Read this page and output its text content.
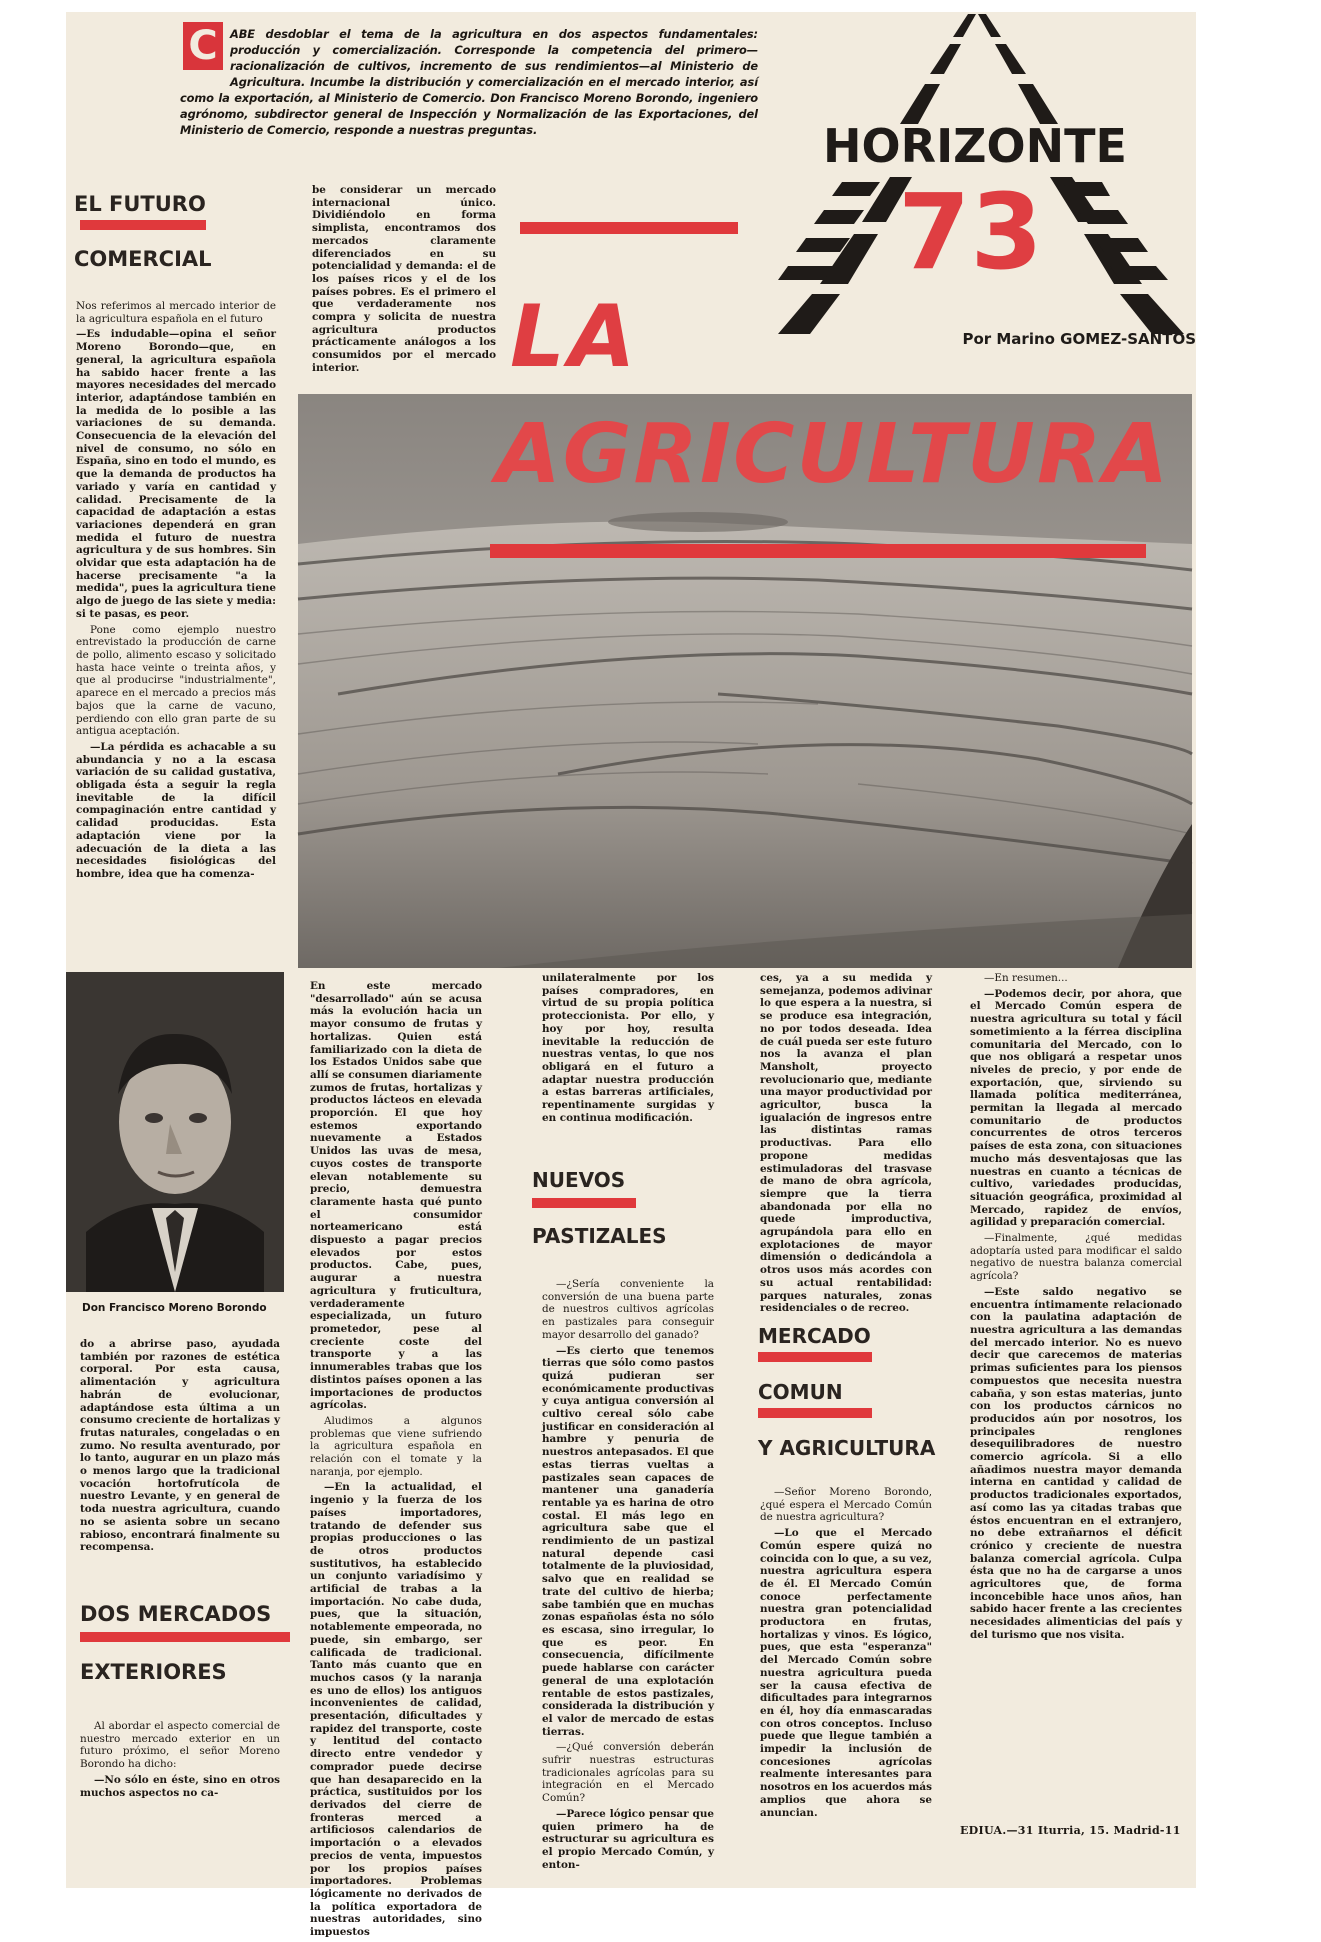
C	ABE desdoblar el tema de la agricultura en dos aspectos fundamentales: producción y comercialización. Corresponde la competencia del primero—racionalización de cultivos, incremento de sus rendimientos—al Ministerio de Agricultura. Incumbe la distribución y comercialización en el mercado interior, así como la exportación, al Ministerio de Comercio. Don Francisco Moreno Borondo, ingeniero agrónomo, subdirector general de Inspección y Normalización de las Exportaciones, del Ministerio de Comercio, responde a nuestras preguntas.	HORIZONTE
73
Por Marino GOMEZ-SANTOS
EL FUTURO
COMERCIAL

Nos referimos al mercado interior de la agricultura española en el futuro

—Es indudable—opina el señor Moreno Borondo—que, en general, la agricultura española ha sabido hacer frente a las mayores necesidades del mercado interior, adaptándose también en la medida de lo posible a las variaciones de su demanda. Consecuencia de la elevación del nivel de consumo, no sólo en España, sino en todo el mundo, es que la demanda de productos ha variado y varía en cantidad y calidad. Precisamente de la capacidad de adaptación a estas variaciones dependerá en gran medida el futuro de nuestra agricultura y de sus hombres. Sin olvidar que esta adaptación ha de hacerse precisamente "a la medida", pues la agricultura tiene algo de juego de las siete y media: si te pasas, es peor.

Pone como ejemplo nuestro entrevistado la producción de carne de pollo, alimento escaso y solicitado hasta hace veinte o treinta años, y que al producirse "industrialmente", aparece en el mercado a precios más bajos que la carne de vacuno, perdiendo con ello gran parte de su antigua aceptación.

—La pérdida es achacable a su abundancia y no a la escasa variación de su calidad gustativa, obligada ésta a seguir la regla inevitable de la difícil compaginación entre cantidad y calidad producidas. Esta adaptación viene por la adecuación de la dieta a las necesidades fisiológicas del hombre, idea que ha comenza-

be considerar un mercado internacional único. Dividiéndolo en forma simplista, encontramos dos mercados claramente diferenciados en su potencialidad y demanda: el de los países ricos y el de los países pobres. Es el primero el que verdaderamente nos compra y solicita de nuestra agricultura productos prácticamente análogos a los consumidos por el mercado interior.	LA
AGRICULTURA
Don Francisco Moreno Borondo

do a abrirse paso, ayudada también por razones de estética corporal. Por esta causa, alimentación y agricultura habrán de evolucionar, adaptándose esta última a un consumo creciente de hortalizas y frutas naturales, congeladas o en zumo. No resulta aventurado, por lo tanto, augurar en un plazo más o menos largo que la tradicional vocación hortofrutícola de nuestro Levante, y en general de toda nuestra agricultura, cuando no se asienta sobre un secano rabioso, encontrará finalmente su recompensa.

DOS MERCADOS
EXTERIORES

Al abordar el aspecto comercial de nuestro mercado exterior en un futuro próximo, el señor Moreno Borondo ha dicho:

—No sólo en éste, sino en otros muchos aspectos no ca-

En este mercado "desarrollado" aún se acusa más la evolución hacia un mayor consumo de frutas y hortalizas. Quien está familiarizado con la dieta de los Estados Unidos sabe que allí se consumen diariamente zumos de frutas, hortalizas y productos lácteos en elevada proporción. El que hoy estemos exportando nuevamente a Estados Unidos las uvas de mesa, cuyos costes de transporte elevan notablemente su precio, demuestra claramente hasta qué punto el consumidor norteamericano está dispuesto a pagar precios elevados por estos productos. Cabe, pues, augurar a nuestra agricultura y fruticultura, verdaderamente especializada, un futuro prometedor, pese al creciente coste del transporte y a las innumerables trabas que los distintos países oponen a las importaciones de productos agrícolas.

Aludimos a algunos problemas que viene sufriendo la agricultura española en relación con el tomate y la naranja, por ejemplo.

—En la actualidad, el ingenio y la fuerza de los países importadores, tratando de defender sus propias producciones o las de otros productos sustitutivos, ha establecido un conjunto variadísimo y artificial de trabas a la importación. No cabe duda, pues, que la situación, notablemente empeorada, no puede, sin embargo, ser calificada de tradicional. Tanto más cuanto que en muchos casos (y la naranja es uno de ellos) los antiguos inconvenientes de calidad, presentación, dificultades y rapidez del transporte, coste y lentitud del contacto directo entre vendedor y comprador puede decirse que han desaparecido en la práctica, sustituidos por los derivados del cierre de fronteras merced a artificiosos calendarios de importación o a elevados precios de venta, impuestos por los propios países importadores. Problemas lógicamente no derivados de la política exportadora de nuestras autoridades, sino impuestos

unilateralmente por los países compradores, en virtud de su propia política proteccionista. Por ello, y hoy por hoy, resulta inevitable la reducción de nuestras ventas, lo que nos obligará en el futuro a adaptar nuestra producción a estas barreras artificiales, repentinamente surgidas y en continua modificación.

NUEVOS
PASTIZALES

—¿Sería conveniente la conversión de una buena parte de nuestros cultivos agrícolas en pastizales para conseguir mayor desarrollo del ganado?

—Es cierto que tenemos tierras que sólo como pastos quizá pudieran ser económicamente productivas y cuya antigua conversión al cultivo cereal sólo cabe justificar en consideración al hambre y penuria de nuestros antepasados. El que estas tierras vueltas a pastizales sean capaces de mantener una ganadería rentable ya es harina de otro costal. El más lego en agricultura sabe que el rendimiento de un pastizal natural depende casi totalmente de la pluviosidad, salvo que en realidad se trate del cultivo de hierba; sabe también que en muchas zonas españolas ésta no sólo es escasa, sino irregular, lo que es peor. En consecuencia, difícilmente puede hablarse con carácter general de una explotación rentable de estos pastizales, considerada la distribución y el valor de mercado de estas tierras.

—¿Qué conversión deberán sufrir nuestras estructuras tradicionales agrícolas para su integración en el Mercado Común?

—Parece lógico pensar que quien primero ha de estructurar su agricultura es el propio Mercado Común, y enton-

ces, ya a su medida y semejanza, podemos adivinar lo que espera a la nuestra, si se produce esa integración, no por todos deseada. Idea de cuál pueda ser este futuro nos la avanza el plan Mansholt, proyecto revolucionario que, mediante una mayor productividad por agricultor, busca la igualación de ingresos entre las distintas ramas productivas. Para ello propone medidas estimuladoras del trasvase de mano de obra agrícola, siempre que la tierra abandonada por ella no quede improductiva, agrupándola para ello en explotaciones de mayor dimensión o dedicándola a otros usos más acordes con su actual rentabilidad: parques naturales, zonas residenciales o de recreo.

MERCADO
COMUN
Y AGRICULTURA

—Señor Moreno Borondo, ¿qué espera el Mercado Común de nuestra agricultura?

—Lo que el Mercado Común espere quizá no coincida con lo que, a su vez, nuestra agricultura espera de él. El Mercado Común conoce perfectamente nuestra gran potencialidad productora en frutas, hortalizas y vinos. Es lógico, pues, que esta "esperanza" del Mercado Común sobre nuestra agricultura pueda ser la causa efectiva de dificultades para integrarnos en él, hoy día enmascaradas con otros conceptos. Incluso puede que llegue también a impedir la inclusión de concesiones agrícolas realmente interesantes para nosotros en los acuerdos más amplios que ahora se anuncian.

—En resumen...

—Podemos decir, por ahora, que el Mercado Común espera de nuestra agricultura su total y fácil sometimiento a la férrea disciplina comunitaria del Mercado, con lo que nos obligará a respetar unos niveles de precio, y por ende de exportación, que, sirviendo su llamada política mediterránea, permitan la llegada al mercado comunitario de productos concurrentes de otros terceros países de esta zona, con situaciones mucho más desventajosas que las nuestras en cuanto a técnicas de cultivo, variedades producidas, situación geográfica, proximidad al Mercado, rapidez de envíos, agilidad y preparación comercial.

—Finalmente, ¿qué medidas adoptaría usted para modificar el saldo negativo de nuestra balanza comercial agrícola?

—Este saldo negativo se encuentra íntimamente relacionado con la paulatina adaptación de nuestra agricultura a las demandas del mercado interior. No es nuevo decir que carecemos de materias primas suficientes para los piensos compuestos que necesita nuestra cabaña, y son estas materias, junto con los productos cárnicos no producidos aún por nosotros, los principales renglones desequilibradores de nuestro comercio agrícola. Si a ello añadimos nuestra mayor demanda interna en cantidad y calidad de productos tradicionales exportados, así como las ya citadas trabas que éstos encuentran en el extranjero, no debe extrañarnos el déficit crónico y creciente de nuestra balanza comercial agrícola. Culpa ésta que no ha de cargarse a unos agricultores que, de forma inconcebible hace unos años, han sabido hacer frente a las crecientes necesidades alimenticias del país y del turismo que nos visita.

EDIUA.—31 Iturria, 15. Madrid-11
